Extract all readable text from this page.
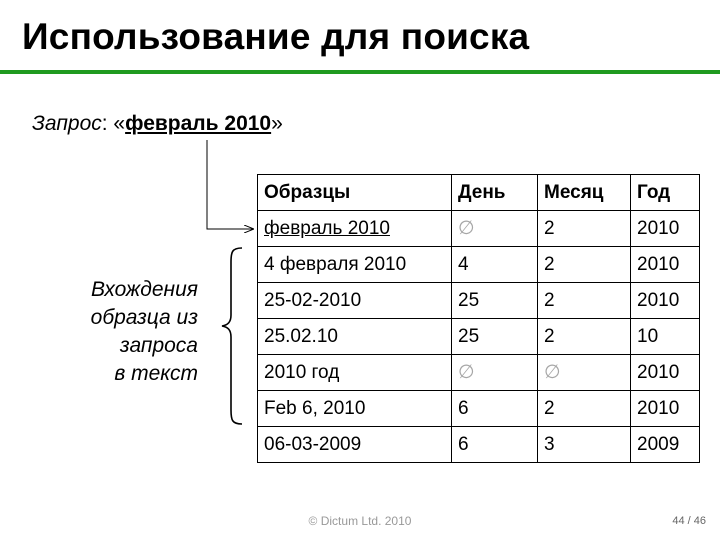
Использование для поиска
Запрос: «февраль 2010»
Вхождения
образца из
запроса
в текст
Образцы	День	Месяц	Год
февраль 2010	∅	2	2010
4 февраля 2010	4	2	2010
25-02-2010	25	2	2010
25.02.10	25	2	10
2010 год	∅	∅	2010
Feb 6, 2010	6	2	2010
06-03-2009	6	3	2009
© Dictum Ltd. 2010	44 / 46
